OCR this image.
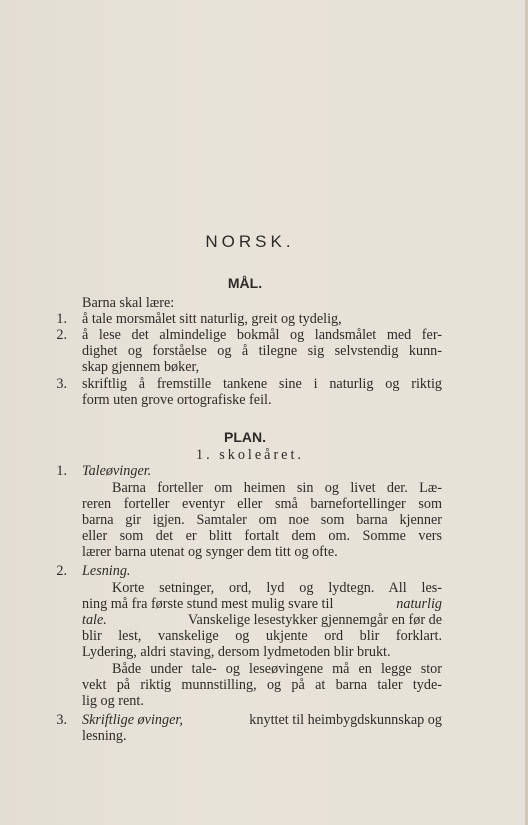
NORSK.
MÅL.
Barna skal lære:
1. å tale morsmålet sitt naturlig, greit og tydelig,
2. å lese det almindelige bokmål og landsmålet med fer-
dighet og forståelse og å tilegne sig selvstendig kunn-
skap gjennem bøker,
3. skriftlig å fremstille tankene sine i naturlig og riktig
form uten grove ortografiske feil.
PLAN.
1. skoleåret.
1. Taleøvinger.
Barna forteller om heimen sin og livet der. Læ-
reren forteller eventyr eller små barnefortellinger som
barna gir igjen. Samtaler om noe som barna kjenner
eller som det er blitt fortalt dem om. Somme vers
lærer barna utenat og synger dem titt og ofte.
2. Lesning.
Korte setninger, ord, lyd og lydtegn. All les-
ning må fra første stund mest mulig svare til	naturlig
tale.	Vanskelige lesestykker gjennemgår en før de
blir lest, vanskelige og ukjente ord blir forklart.
Lydering, aldri staving, dersom lydmetoden blir brukt.
Både under tale- og leseøvingene må en legge stor
vekt på riktig munnstilling, og på at barna taler tyde-
lig og rent.
3. Skriftlige øvinger,	knyttet til heimbygdskunnskap og
lesning.
